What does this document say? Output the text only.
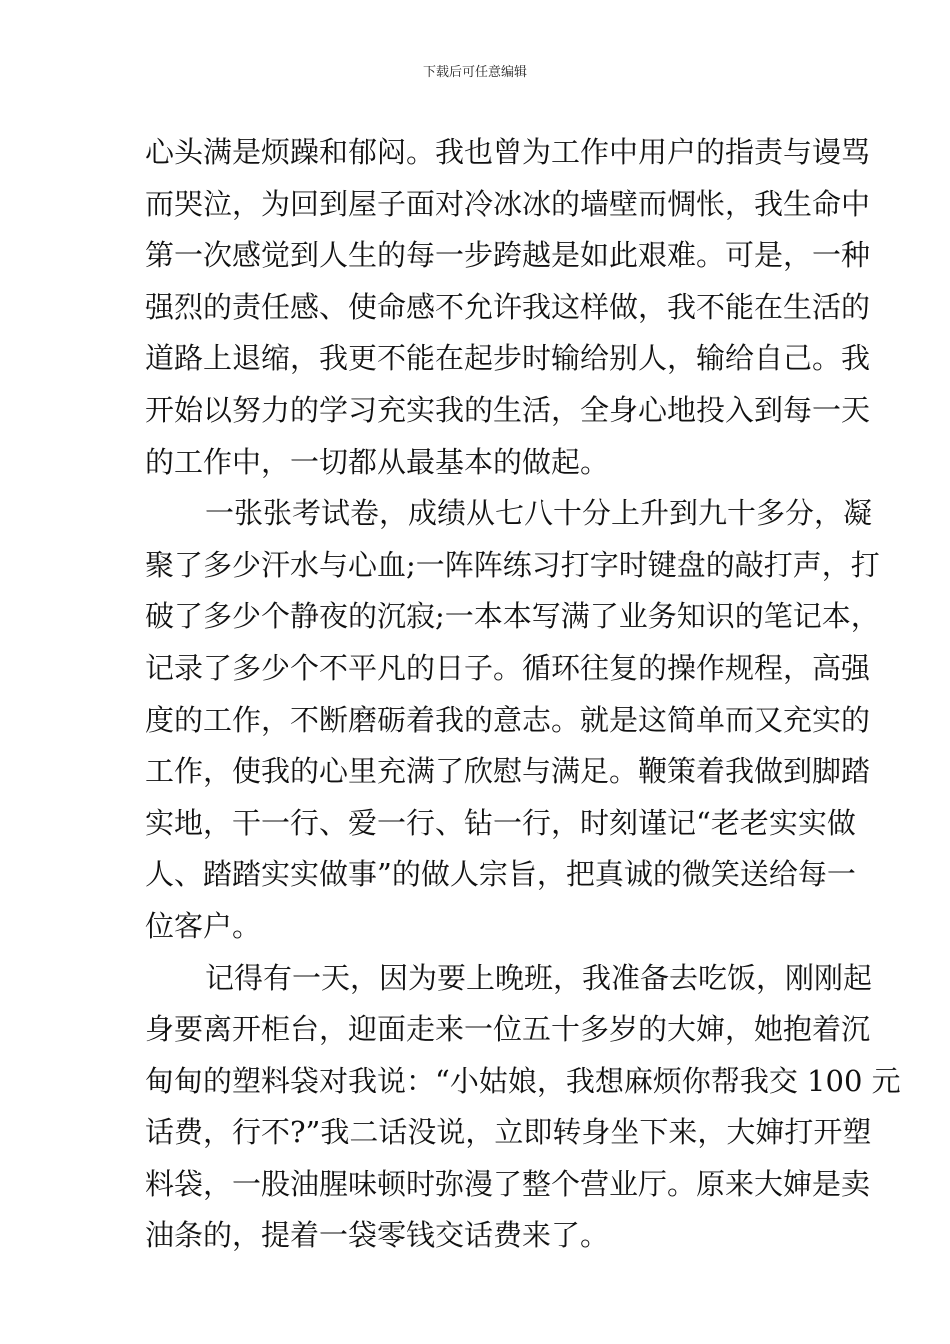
下载后可任意编辑
心头满是烦躁和郁闷。我也曾为工作中用户的指责与谩骂
而哭泣，为回到屋子面对冷冰冰的墙壁而惆怅，我生命中
第一次感觉到人生的每一步跨越是如此艰难。可是，一种
强烈的责任感、使命感不允许我这样做，我不能在生活的
道路上退缩，我更不能在起步时输给别人，输给自己。我
开始以努力的学习充实我的生活，全身心地投入到每一天
的工作中，一切都从最基本的做起。
一张张考试卷，成绩从七八十分上升到九十多分，凝
聚了多少汗水与心血;一阵阵练习打字时键盘的敲打声，打
破了多少个静夜的沉寂;一本本写满了业务知识的笔记本，
记录了多少个不平凡的日子。循环往复的操作规程，高强
度的工作，不断磨砺着我的意志。就是这简单而又充实的
工作，使我的心里充满了欣慰与满足。鞭策着我做到脚踏
实地，干一行、爱一行、钻一行，时刻谨记“老老实实做
人、踏踏实实做事”的做人宗旨，把真诚的微笑送给每一
位客户。
记得有一天，因为要上晚班，我准备去吃饭，刚刚起
身要离开柜台，迎面走来一位五十多岁的大婶，她抱着沉
甸甸的塑料袋对我说：“小姑娘，我想麻烦你帮我交 100 元
话费，行不?”我二话没说，立即转身坐下来，大婶打开塑
料袋，一股油腥味顿时弥漫了整个营业厅。原来大婶是卖
油条的，提着一袋零钱交话费来了。
